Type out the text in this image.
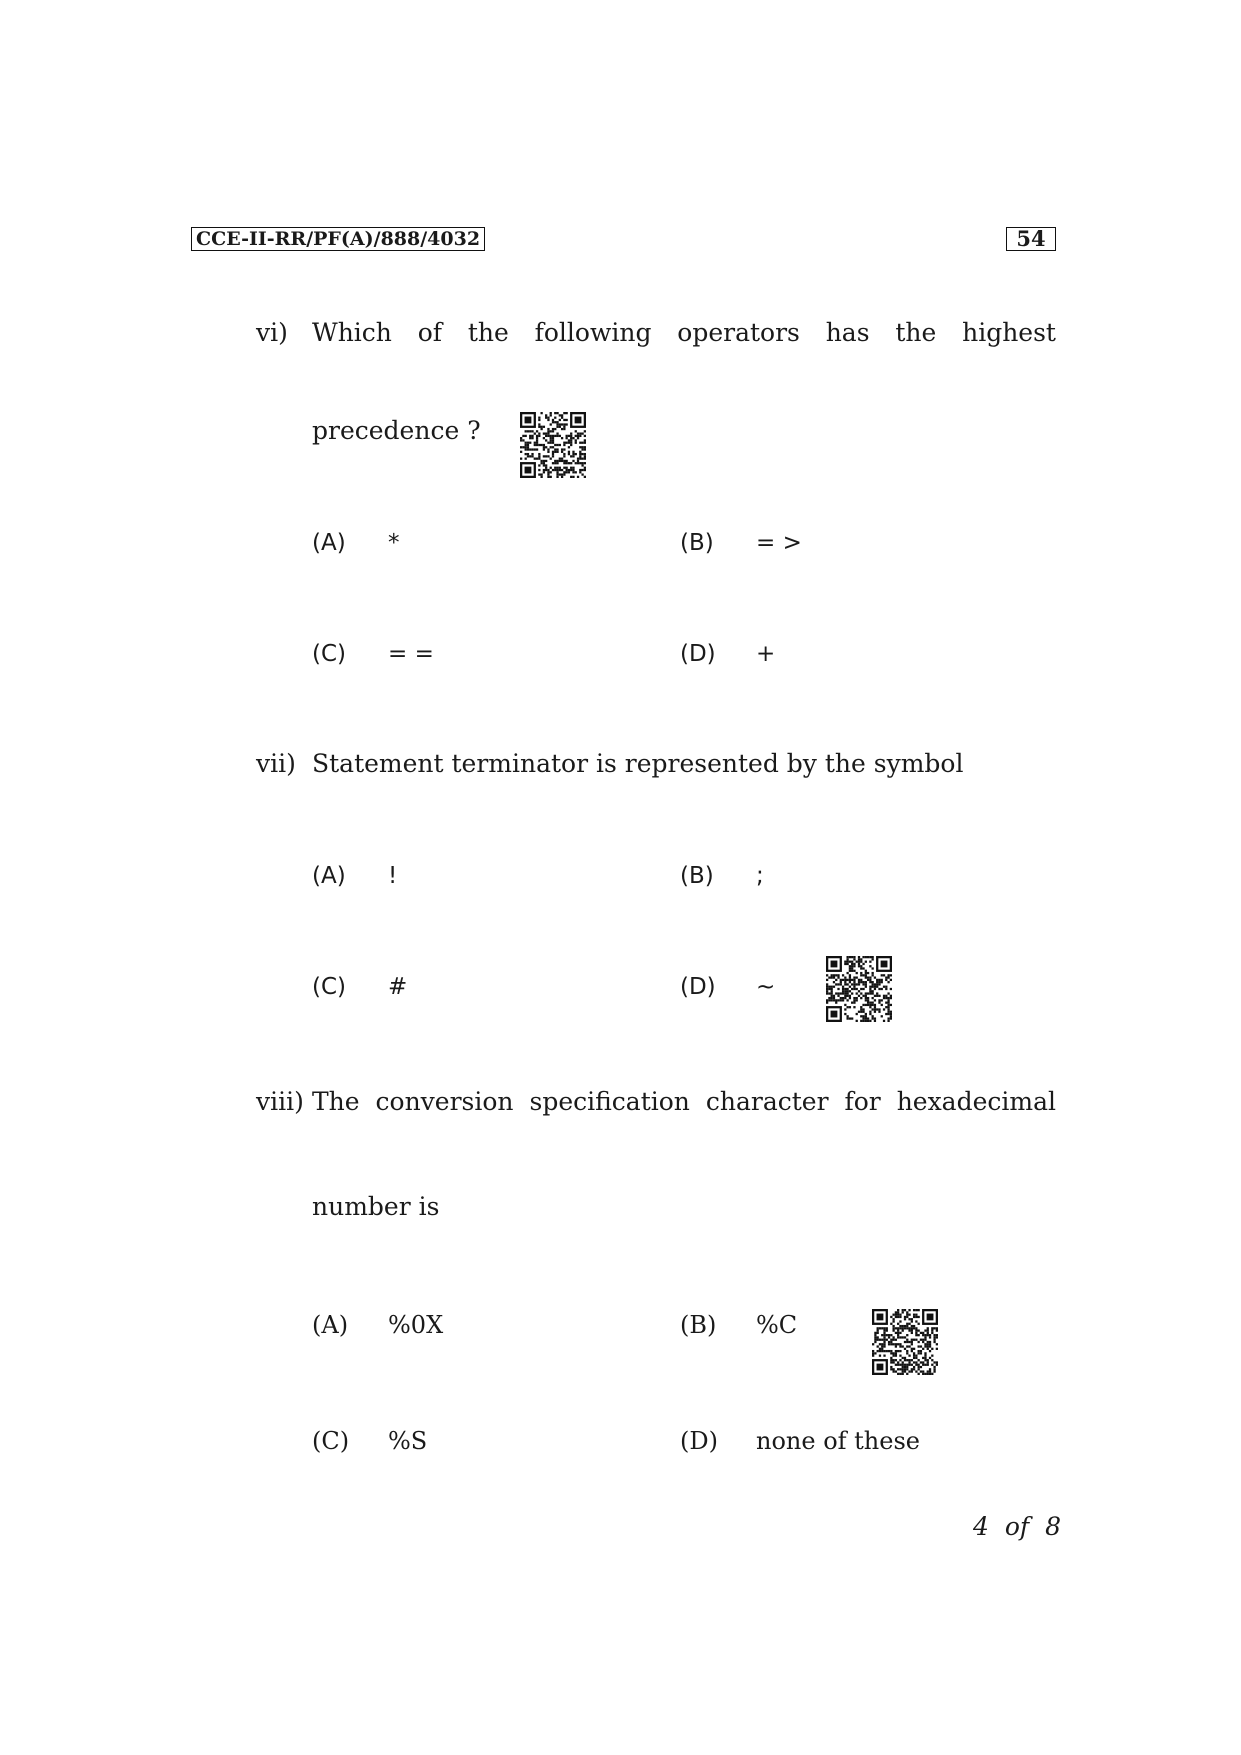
CCE-II-RR/PF(A)/888/4032	54
vi) Which of the following operators has the highest
precedence ?
(A) *	(B) = >
(C) = =	(D) +
vii) Statement terminator is represented by the symbol
(A) !	(B) ;
(C) #	(D) ~
viii) The conversion specification character for hexadecimal
number is
(A) %0X	(B) %C
(C) %S	(D) none of these
4 of 8
